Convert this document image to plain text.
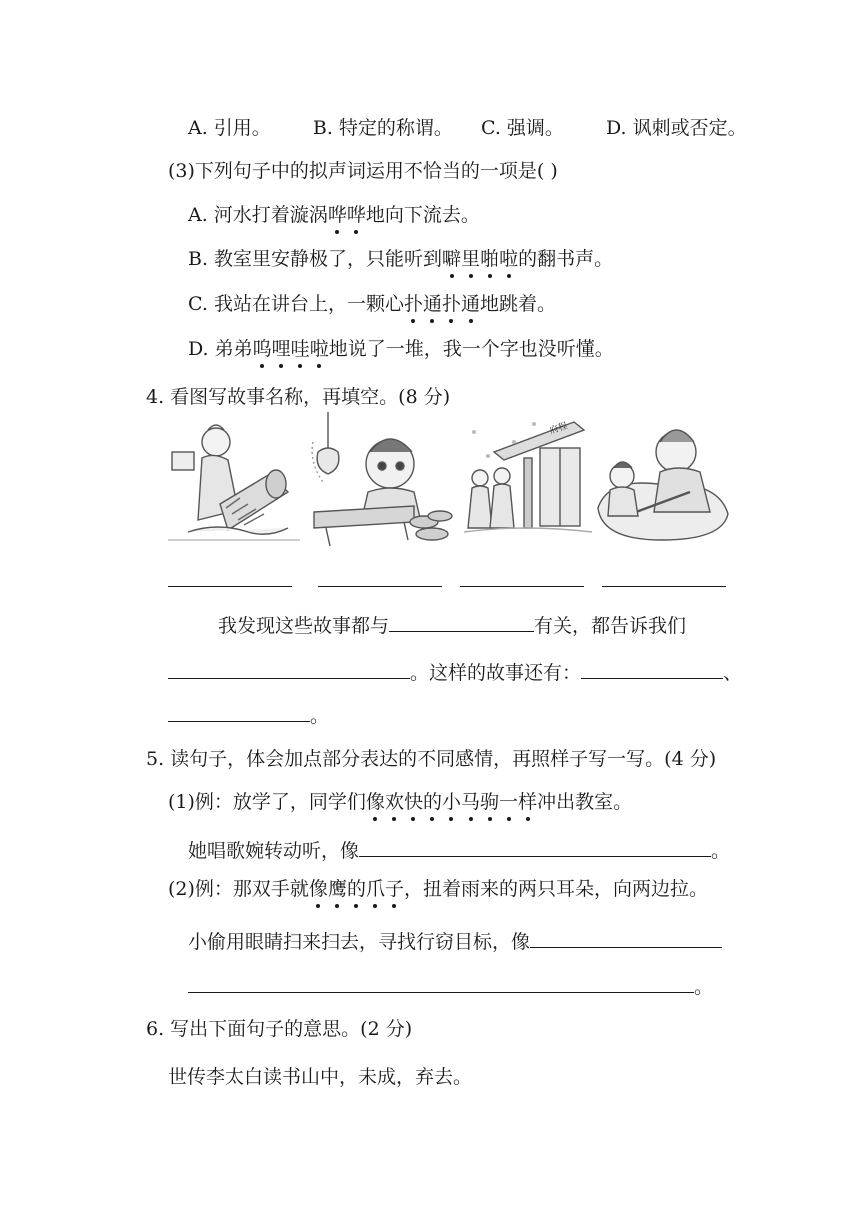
A. 引用。 B. 特定的称谓。 C. 强调。 D. 讽刺或否定。
(3)下列句子中的拟声词运用不恰当的一项是( )
A. 河水打着漩涡哗哗地向下流去。
B. 教室里安静极了，只能听到噼里啪啦的翻书声。
C. 我站在讲台上，一颗心扑通扑通地跳着。
D. 弟弟呜哩哇啦地说了一堆，我一个字也没听懂。
4. 看图写故事名称，再填空。(8 分)
府程
我发现这些故事都与	有关，都告诉我们
。这样的故事还有：	、
。
5. 读句子，体会加点部分表达的不同感情，再照样子写一写。(4 分)
(1)例：放学了，同学们像欢快的小马驹一样冲出教室。
她唱歌婉转动听，像	。
(2)例：那双手就像鹰的爪子，扭着雨来的两只耳朵，向两边拉。
小偷用眼睛扫来扫去，寻找行窃目标，像
。
6. 写出下面句子的意思。(2 分)
世传李太白读书山中，未成，弃去。
